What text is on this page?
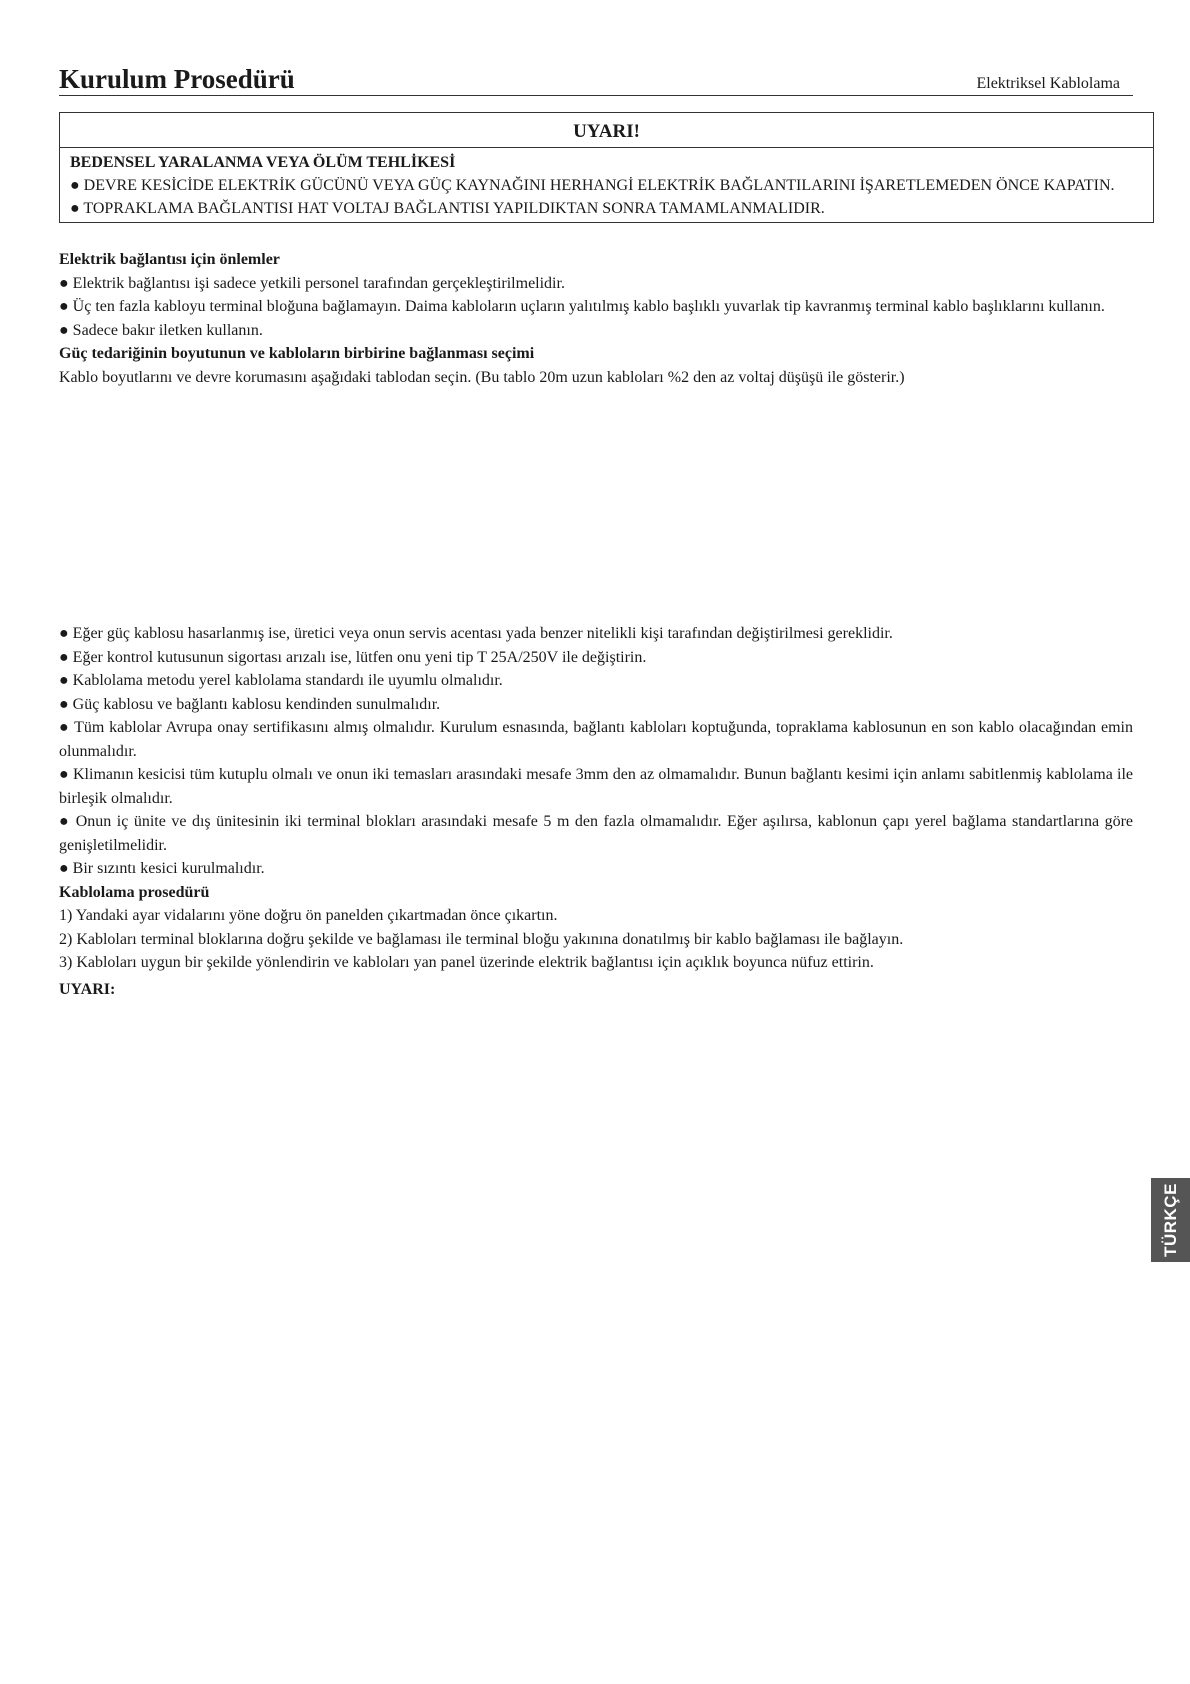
Kurulum Prosedürü	Elektriksel Kablolama
UYARI!

BEDENSEL YARALANMA VEYA ÖLÜM TEHLİKESİ

● DEVRE KESİCİDE ELEKTRİK GÜCÜNÜ VEYA GÜÇ KAYNAĞINI HERHANGİ ELEKTRİK BAĞLANTILARINI İŞARETLEMEDEN ÖNCE KAPATIN.

● TOPRAKLAMA BAĞLANTISI HAT VOLTAJ BAĞLANTISI YAPILDIKTAN SONRA TAMAMLANMALIDIR.

Elektrik bağlantısı için önlemler

● Elektrik bağlantısı işi sadece yetkili personel tarafından gerçekleştirilmelidir.

● Üç ten fazla kabloyu terminal bloğuna bağlamayın. Daima kabloların uçların yalıtılmış kablo başlıklı yuvarlak tip kavranmış terminal kablo başlıklarını kullanın.

● Sadece bakır iletken kullanın.

Güç tedariğinin boyutunun ve kabloların birbirine bağlanması seçimi

Kablo boyutlarını ve devre korumasını aşağıdaki tablodan seçin. (Bu tablo 20m uzun kabloları %2 den az voltaj düşüşü ile gösterir.)

● Eğer güç kablosu hasarlanmış ise, üretici veya onun servis acentası yada benzer nitelikli kişi tarafından değiştirilmesi gereklidir.

● Eğer kontrol kutusunun sigortası arızalı ise, lütfen onu yeni tip T 25A/250V ile değiştirin.

● Kablolama metodu yerel kablolama standardı ile uyumlu olmalıdır.

● Güç kablosu ve bağlantı kablosu kendinden sunulmalıdır.

● Tüm kablolar Avrupa onay sertifikasını almış olmalıdır. Kurulum esnasında, bağlantı kabloları koptuğunda, topraklama kablosunun en son kablo olacağından emin olunmalıdır.

● Klimanın kesicisi tüm kutuplu olmalı ve onun iki temasları arasındaki mesafe 3mm den az olmamalıdır. Bunun bağlantı kesimi için anlamı sabitlenmiş kablolama ile birleşik olmalıdır.

● Onun iç ünite ve dış ünitesinin iki terminal blokları arasındaki mesafe 5 m den fazla olmamalıdır. Eğer aşılırsa, kablonun çapı yerel bağlama standartlarına göre genişletilmelidir.

● Bir sızıntı kesici kurulmalıdır.

Kablolama prosedürü

1) Yandaki ayar vidalarını yöne doğru ön panelden çıkartmadan önce çıkartın.

2) Kabloları terminal bloklarına doğru şekilde ve bağlaması ile terminal bloğu yakınına donatılmış bir kablo bağlaması ile bağlayın.

3) Kabloları uygun bir şekilde yönlendirin ve kabloları yan panel üzerinde elektrik bağlantısı için açıklık boyunca nüfuz ettirin.

UYARI:

TÜRKÇE
